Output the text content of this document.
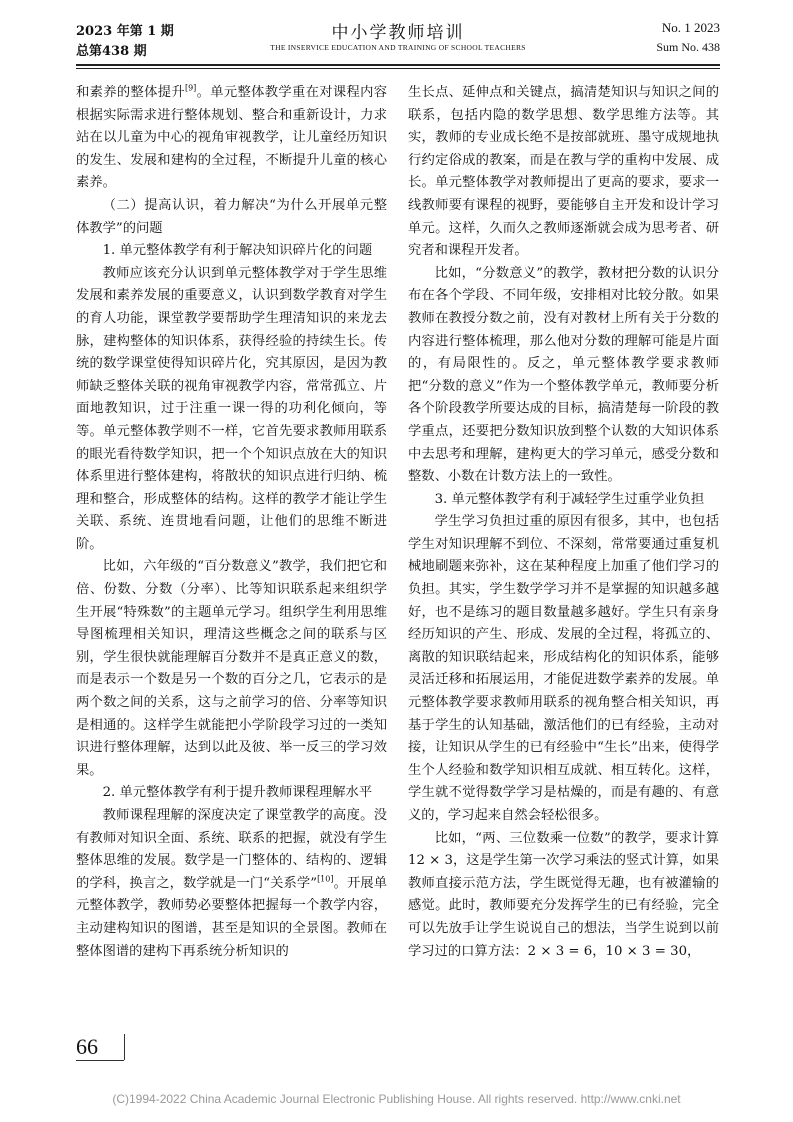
2023 年第 1 期
总第438 期
中小学教师培训
THE INSERVICE EDUCATION AND TRAINING OF SCHOOL TEACHERS
No. 1 2023
Sum No. 438

和素养的整体提升[9]。单元整体教学重在对课程内容根据实际需求进行整体规划、整合和重新设计，力求站在以儿童为中心的视角审视教学，让儿童经历知识的发生、发展和建构的全过程，不断提升儿童的核心素养。

（二）提高认识，着力解决“为什么开展单元整体教学”的问题

1. 单元整体教学有利于解决知识碎片化的问题

教师应该充分认识到单元整体教学对于学生思维发展和素养发展的重要意义，认识到数学教育对学生的育人功能，课堂教学要帮助学生理清知识的来龙去脉，建构整体的知识体系，获得经验的持续生长。传统的数学课堂使得知识碎片化，究其原因，是因为教师缺乏整体关联的视角审视教学内容，常常孤立、片面地教知识，过于注重一课一得的功利化倾向，等等。单元整体教学则不一样，它首先要求教师用联系的眼光看待数学知识，把一个个知识点放在大的知识体系里进行整体建构，将散状的知识点进行归纳、梳理和整合，形成整体的结构。这样的教学才能让学生关联、系统、连贯地看问题，让他们的思维不断进阶。

比如，六年级的“百分数意义”教学，我们把它和倍、份数、分数（分率）、比等知识联系起来组织学生开展“特殊数”的主题单元学习。组织学生利用思维导图梳理相关知识，理清这些概念之间的联系与区别，学生很快就能理解百分数并不是真正意义的数，而是表示一个数是另一个数的百分之几，它表示的是两个数之间的关系，这与之前学习的倍、分率等知识是相通的。这样学生就能把小学阶段学习过的一类知识进行整体理解，达到以此及彼、举一反三的学习效果。

2. 单元整体教学有利于提升教师课程理解水平

教师课程理解的深度决定了课堂教学的高度。没有教师对知识全面、系统、联系的把握，就没有学生整体思维的发展。数学是一门整体的、结构的、逻辑的学科，换言之，数学就是一门“关系学”[10]。开展单元整体教学，教师势必要整体把握每一个教学内容，主动建构知识的图谱，甚至是知识的全景图。教师在整体图谱的建构下再系统分析知识的

生长点、延伸点和关键点，搞清楚知识与知识之间的联系，包括内隐的数学思想、数学思维方法等。其实，教师的专业成长绝不是按部就班、墨守成规地执行约定俗成的教案，而是在教与学的重构中发展、成长。单元整体教学对教师提出了更高的要求，要求一线教师要有课程的视野，要能够自主开发和设计学习单元。这样，久而久之教师逐渐就会成为思考者、研究者和课程开发者。

比如，“分数意义”的教学，教材把分数的认识分布在各个学段、不同年级，安排相对比较分散。如果教师在教授分数之前，没有对教材上所有关于分数的内容进行整体梳理，那么他对分数的理解可能是片面的，有局限性的。反之，单元整体教学要求教师把“分数的意义”作为一个整体教学单元，教师要分析各个阶段教学所要达成的目标，搞清楚每一阶段的教学重点，还要把分数知识放到整个认数的大知识体系中去思考和理解，建构更大的学习单元，感受分数和整数、小数在计数方法上的一致性。

3. 单元整体教学有利于减轻学生过重学业负担

学生学习负担过重的原因有很多，其中，也包括学生对知识理解不到位、不深刻，常常要通过重复机械地刷题来弥补，这在某种程度上加重了他们学习的负担。其实，学生数学学习并不是掌握的知识越多越好，也不是练习的题目数量越多越好。学生只有亲身经历知识的产生、形成、发展的全过程，将孤立的、离散的知识联结起来，形成结构化的知识体系，能够灵活迁移和拓展运用，才能促进数学素养的发展。单元整体教学要求教师用联系的视角整合相关知识，再基于学生的认知基础，激活他们的已有经验，主动对接，让知识从学生的已有经验中“生长”出来，使得学生个人经验和数学知识相互成就、相互转化。这样，学生就不觉得数学学习是枯燥的，而是有趣的、有意义的，学习起来自然会轻松很多。

比如，“两、三位数乘一位数”的教学，要求计算 12 × 3，这是学生第一次学习乘法的竖式计算，如果教师直接示范方法，学生既觉得无趣，也有被灌输的感觉。此时，教师要充分发挥学生的已有经验，完全可以先放手让学生说说自己的想法，当学生说到以前学习过的口算方法：2 × 3 = 6，10 × 3 = 30，

66
(C)1994-2022 China Academic Journal Electronic Publishing House. All rights reserved. http://www.cnki.net
